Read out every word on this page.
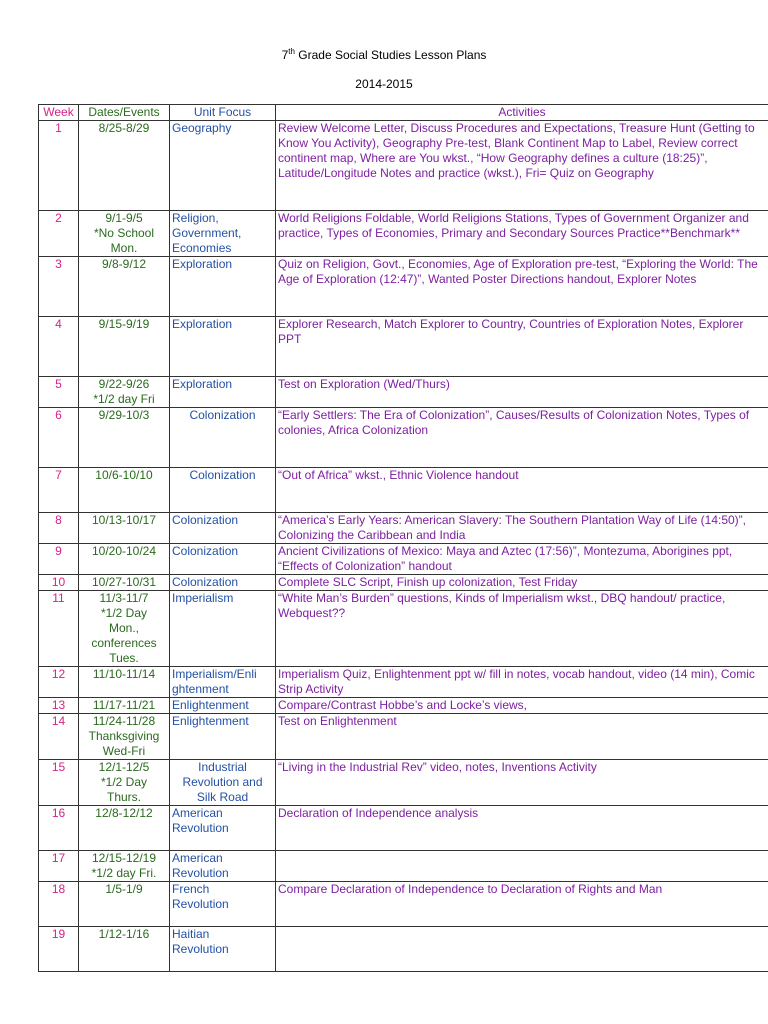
7th Grade Social Studies Lesson Plans
2014-2015
Week	Dates/Events	Unit Focus	Activities
1	8/25-8/29	Geography	Review Welcome Letter, Discuss Procedures and Expectations, Treasure Hunt (Getting to Know You Activity), Geography Pre-test, Blank Continent Map to Label, Review correct continent map, Where are You wkst., “How Geography defines a culture (18:25)”, Latitude/Longitude Notes and practice (wkst.), Fri= Quiz on Geography
2	9/1-9/5
*No School
Mon.	Religion,
Government,
Economies	World Religions Foldable, World Religions Stations, Types of Government Organizer and practice, Types of Economies, Primary and Secondary Sources Practice**Benchmark**
3	9/8-9/12	Exploration	Quiz on Religion, Govt., Economies, Age of Exploration pre-test, “Exploring the World: The Age of Exploration (12:47)”, Wanted Poster Directions handout, Explorer Notes
4	9/15-9/19	Exploration	Explorer Research, Match Explorer to Country, Countries of Exploration Notes, Explorer PPT
5	9/22-9/26
*1/2 day Fri	Exploration	Test on Exploration (Wed/Thurs)
6	9/29-10/3	Colonization	“Early Settlers: The Era of Colonization”, Causes/Results of Colonization Notes, Types of colonies, Africa Colonization
7	10/6-10/10	Colonization	“Out of Africa” wkst., Ethnic Violence handout
8	10/13-10/17	Colonization	“America’s Early Years: American Slavery: The Southern Plantation Way of Life (14:50)”, Colonizing the Caribbean and India
9	10/20-10/24	Colonization	Ancient Civilizations of Mexico: Maya and Aztec (17:56)”, Montezuma, Aborigines ppt, “Effects of Colonization” handout
10	10/27-10/31	Colonization	Complete SLC Script, Finish up colonization, Test Friday
11	11/3-11/7
*1/2 Day
Mon.,
conferences
Tues.	Imperialism	“White Man’s Burden” questions, Kinds of Imperialism wkst., DBQ handout/ practice, Webquest??
12	11/10-11/14	Imperialism/Enli
ghtenment	Imperialism Quiz, Enlightenment ppt w/ fill in notes, vocab handout, video (14 min), Comic Strip Activity
13	11/17-11/21	Enlightenment	Compare/Contrast Hobbe’s and Locke’s views,
14	11/24-11/28
Thanksgiving
Wed-Fri	Enlightenment	Test on Enlightenment
15	12/1-12/5
*1/2 Day
Thurs.	Industrial
Revolution and
Silk Road	“Living in the Industrial Rev” video, notes, Inventions Activity
16	12/8-12/12	American
Revolution	Declaration of Independence analysis
17	12/15-12/19
*1/2 day Fri.	American
Revolution	
18	1/5-1/9	French
Revolution	Compare Declaration of Independence to Declaration of Rights and Man
19	1/12-1/16	Haitian
Revolution	
